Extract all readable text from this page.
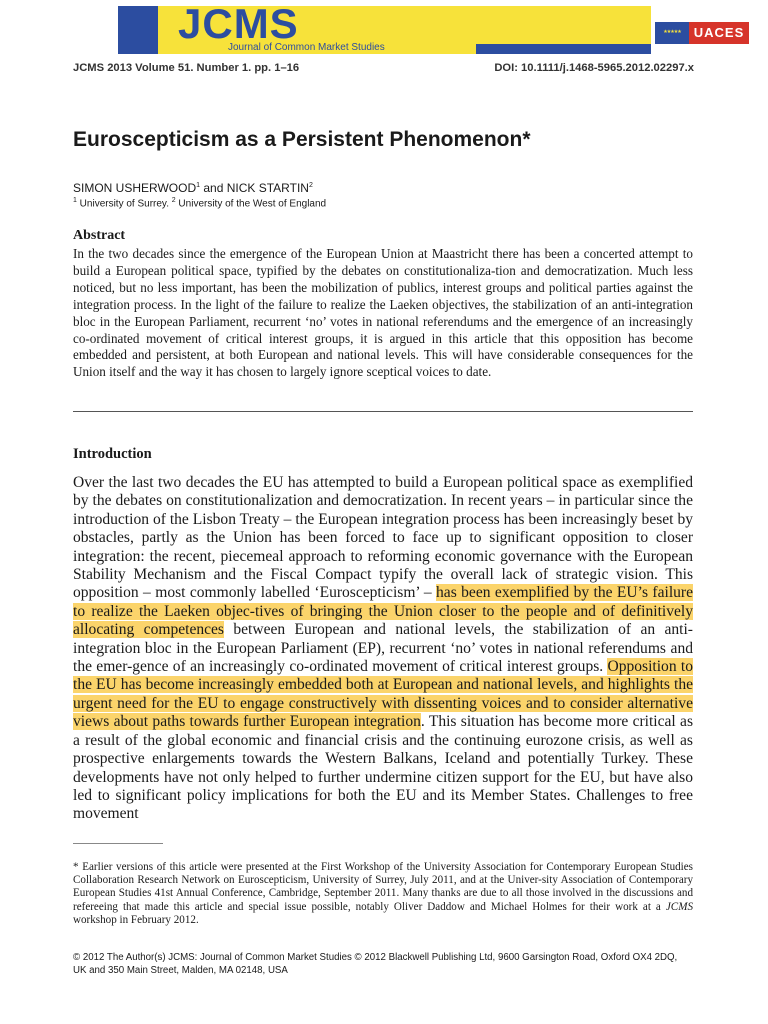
JCMS
Journal of Common Market Studies
★★★★★	UACES
JCMS 2013 Volume 51. Number 1. pp. 1–16	DOI: 10.1111/j.1468-5965.2012.02297.x
Euroscepticism as a Persistent Phenomenon*
SIMON USHERWOOD$^1$ and NICK STARTIN$^2$
$^1$ University of Surrey. $^2$ University of the West of England
Abstract

In the two decades since the emergence of the European Union at Maastricht there has been a concerted attempt to build a European political space, typified by the debates on constitutionaliza-tion and democratization. Much less noticed, but no less important, has been the mobilization of publics, interest groups and political parties against the integration process. In the light of the failure to realize the Laeken objectives, the stabilization of an anti-integration bloc in the European Parliament, recurrent ‘no’ votes in national referendums and the emergence of an increasingly co-ordinated movement of critical interest groups, it is argued in this article that this opposition has become embedded and persistent, at both European and national levels. This will have considerable consequences for the Union itself and the way it has chosen to largely ignore sceptical voices to date.

Introduction

Over the last two decades the EU has attempted to build a European political space as exemplified by the debates on constitutionalization and democratization. In recent years – in particular since the introduction of the Lisbon Treaty – the European integration process has been increasingly beset by obstacles, partly as the Union has been forced to face up to significant opposition to closer integration: the recent, piecemeal approach to reforming economic governance with the European Stability Mechanism and the Fiscal Compact typify the overall lack of strategic vision. This opposition – most commonly labelled ‘Euroscepticism’ – has been exemplified by the EU’s failure to realize the Laeken objec-tives of bringing the Union closer to the people and of definitively allocating competences between European and national levels, the stabilization of an anti-integration bloc in the European Parliament (EP), recurrent ‘no’ votes in national referendums and the emer-gence of an increasingly co-ordinated movement of critical interest groups. Opposition to the EU has become increasingly embedded both at European and national levels, and highlights the urgent need for the EU to engage constructively with dissenting voices and to consider alternative views about paths towards further European integration. This situation has become more critical as a result of the global economic and financial crisis and the continuing eurozone crisis, as well as prospective enlargements towards the Western Balkans, Iceland and potentially Turkey. These developments have not only helped to further undermine citizen support for the EU, but have also led to significant policy implications for both the EU and its Member States. Challenges to free movement

* Earlier versions of this article were presented at the First Workshop of the University Association for Contemporary European Studies Collaboration Research Network on Euroscepticism, University of Surrey, July 2011, and at the Univer-sity Association of Contemporary European Studies 41st Annual Conference, Cambridge, September 2011. Many thanks are due to all those involved in the discussions and refereeing that made this article and special issue possible, notably Oliver Daddow and Michael Holmes for their work at a JCMS workshop in February 2012.

© 2012 The Author(s) JCMS: Journal of Common Market Studies © 2012 Blackwell Publishing Ltd, 9600 Garsington Road, Oxford OX4 2DQ, UK and 350 Main Street, Malden, MA 02148, USA
